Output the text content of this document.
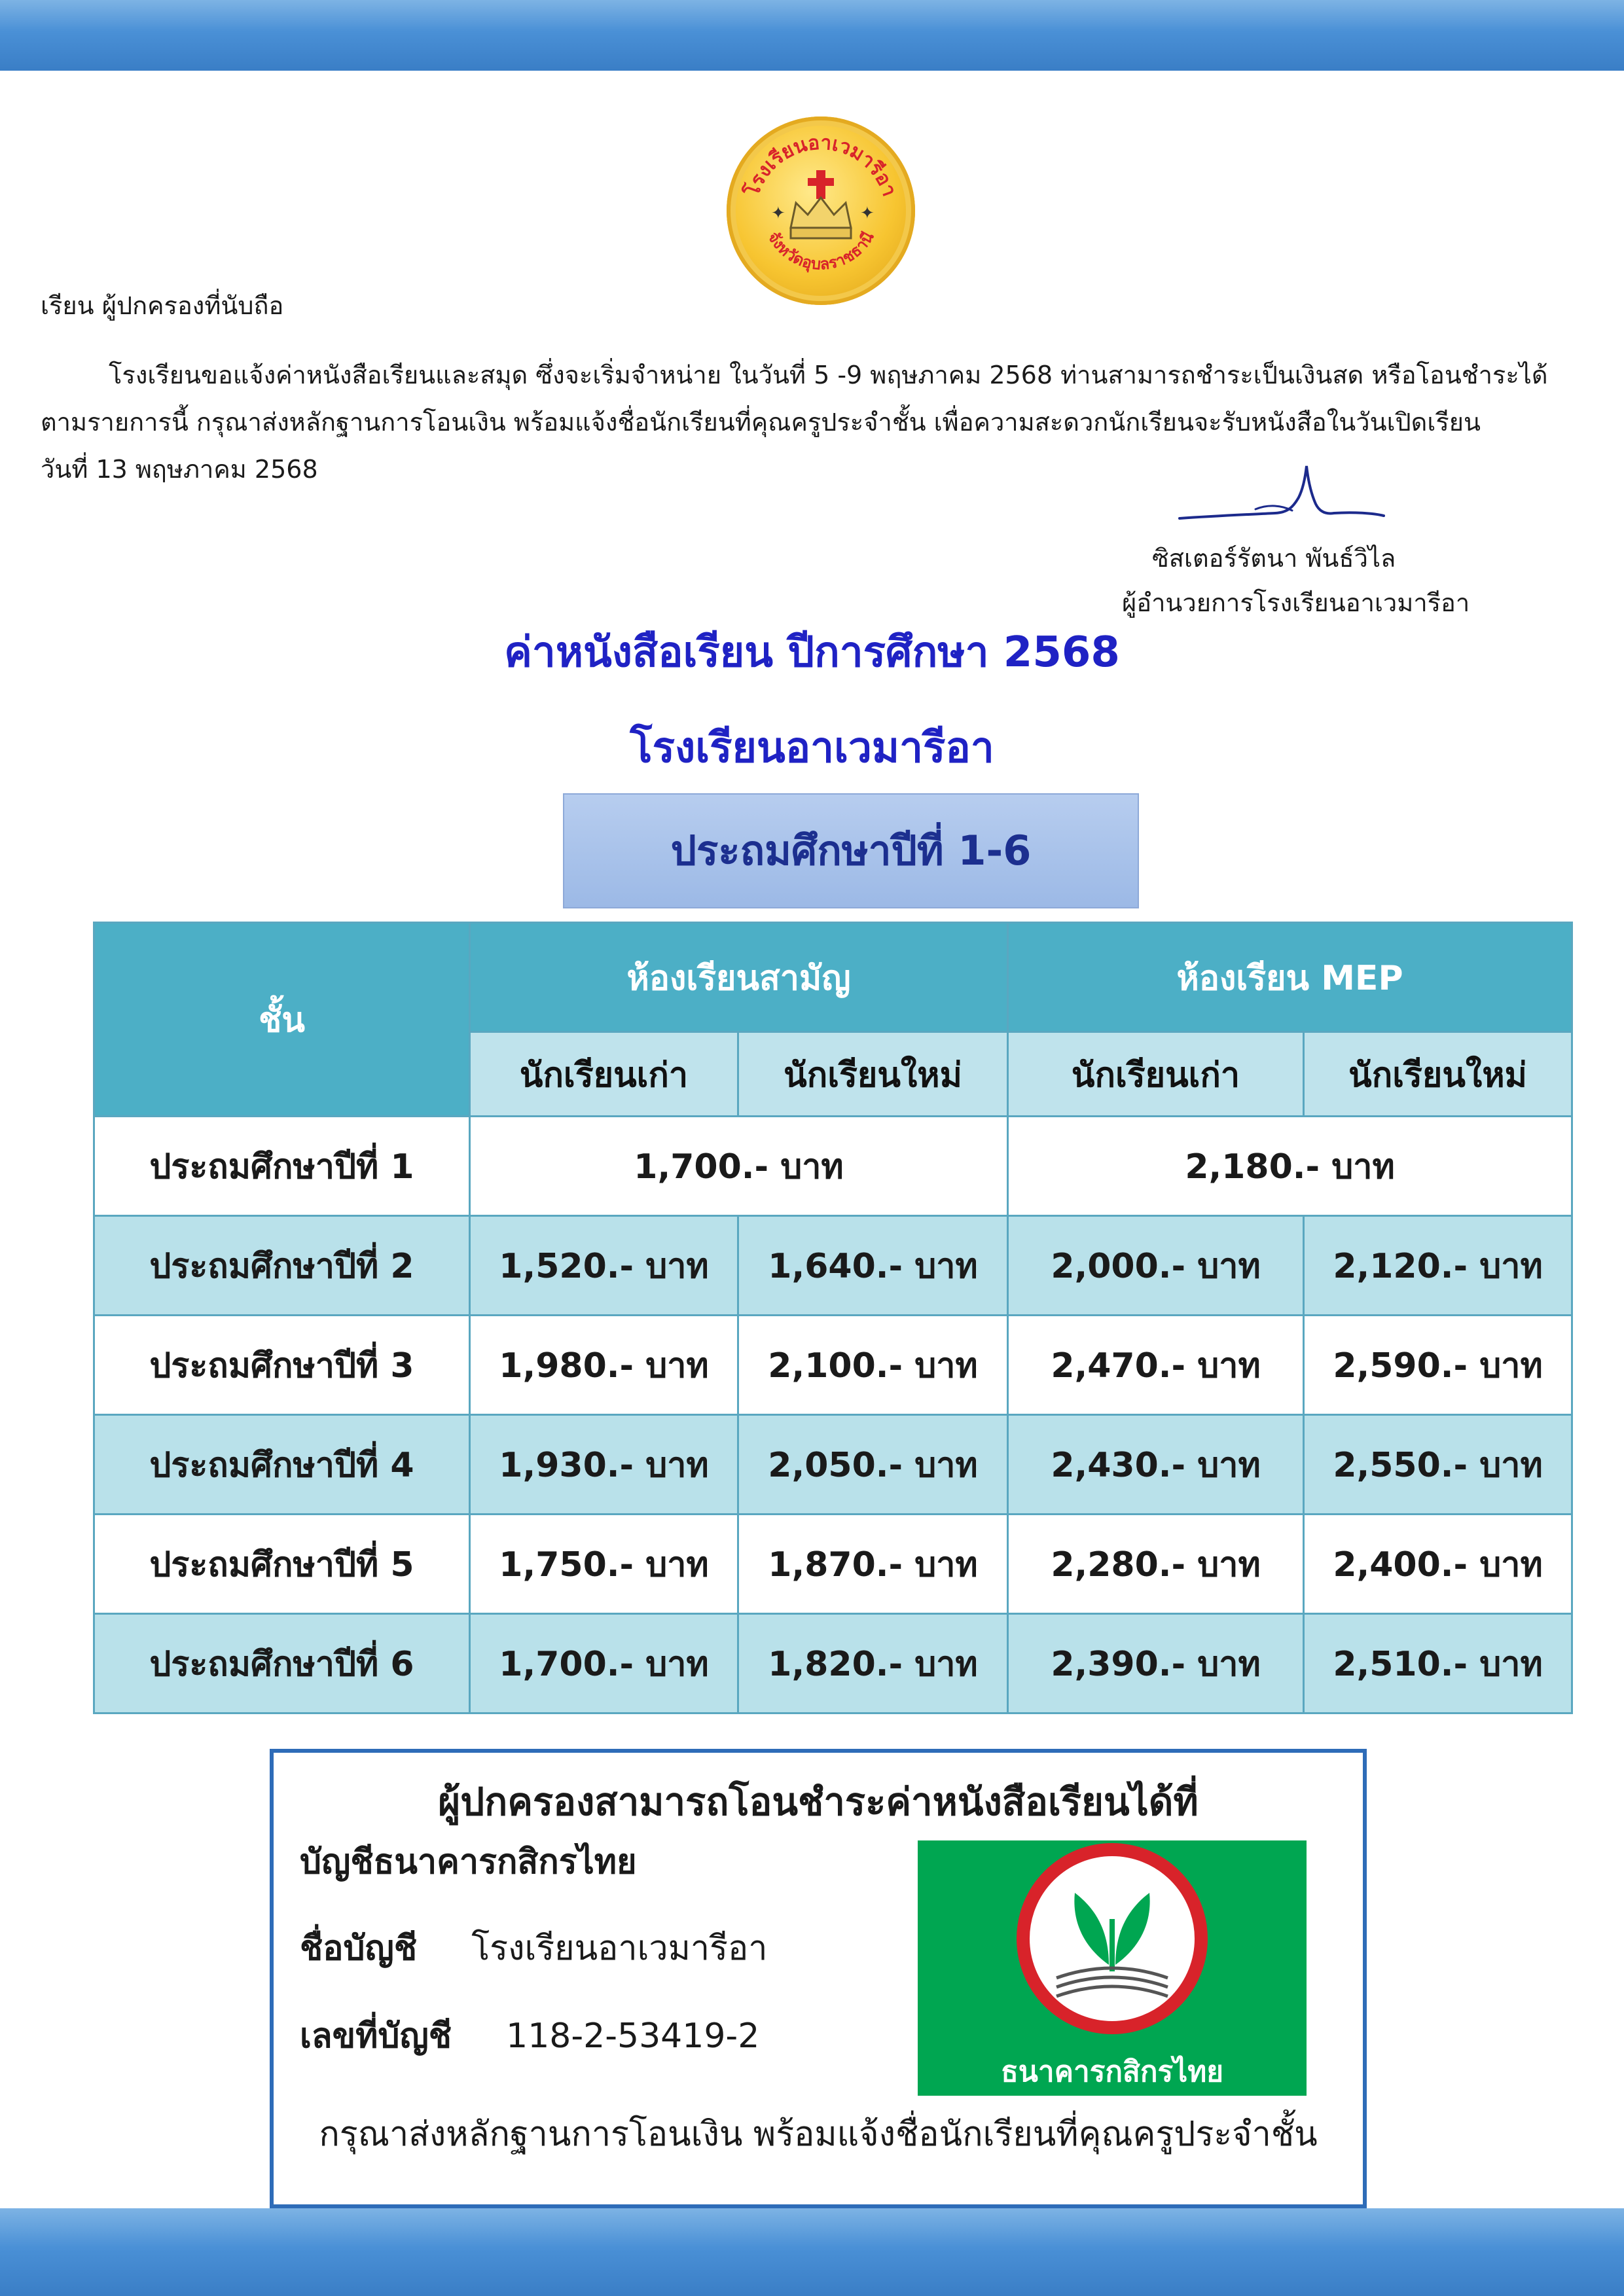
โรงเรียนอาเวมารีอา
จังหวัดอุบลราชธานี
✦	✦
เรียน ผู้ปกครองที่นับถือ
โรงเรียนขอแจ้งค่าหนังสือเรียนและสมุด ซึ่งจะเริ่มจำหน่าย ในวันที่ 5 -9 พฤษภาคม 2568 ท่านสามารถชำระเป็นเงินสด หรือโอนชำระได้
ตามรายการนี้ กรุณาส่งหลักฐานการโอนเงิน พร้อมแจ้งชื่อนักเรียนที่คุณครูประจำชั้น เพื่อความสะดวกนักเรียนจะรับหนังสือในวันเปิดเรียน
วันที่ 13 พฤษภาคม 2568
ซิสเตอร์รัตนา พันธ์วิไล
ผู้อำนวยการโรงเรียนอาเวมารีอา
ค่าหนังสือเรียน ปีการศึกษา 2568
โรงเรียนอาเวมารีอา
ประถมศึกษาปีที่ 1-6
ชั้น	ห้องเรียนสามัญ		ห้องเรียน MEP	
	นักเรียนเก่า	นักเรียนใหม่	นักเรียนเก่า	นักเรียนใหม่
ประถมศึกษาปีที่ 1	1,700.- บาท		2,180.- บาท	
ประถมศึกษาปีที่ 2	1,520.- บาท	1,640.- บาท	2,000.- บาท	2,120.- บาท
ประถมศึกษาปีที่ 3	1,980.- บาท	2,100.- บาท	2,470.- บาท	2,590.- บาท
ประถมศึกษาปีที่ 4	1,930.- บาท	2,050.- บาท	2,430.- บาท	2,550.- บาท
ประถมศึกษาปีที่ 5	1,750.- บาท	1,870.- บาท	2,280.- บาท	2,400.- บาท
ประถมศึกษาปีที่ 6	1,700.- บาท	1,820.- บาท	2,390.- บาท	2,510.- บาท
ผู้ปกครองสามารถโอนชำระค่าหนังสือเรียนได้ที่
บัญชีธนาคารกสิกรไทย
ชื่อบัญชี โรงเรียนอาเวมารีอา
เลขที่บัญชี 118-2-53419-2
กรุณาส่งหลักฐานการโอนเงิน พร้อมแจ้งชื่อนักเรียนที่คุณครูประจำชั้น
ธนาคารกสิกรไทย
